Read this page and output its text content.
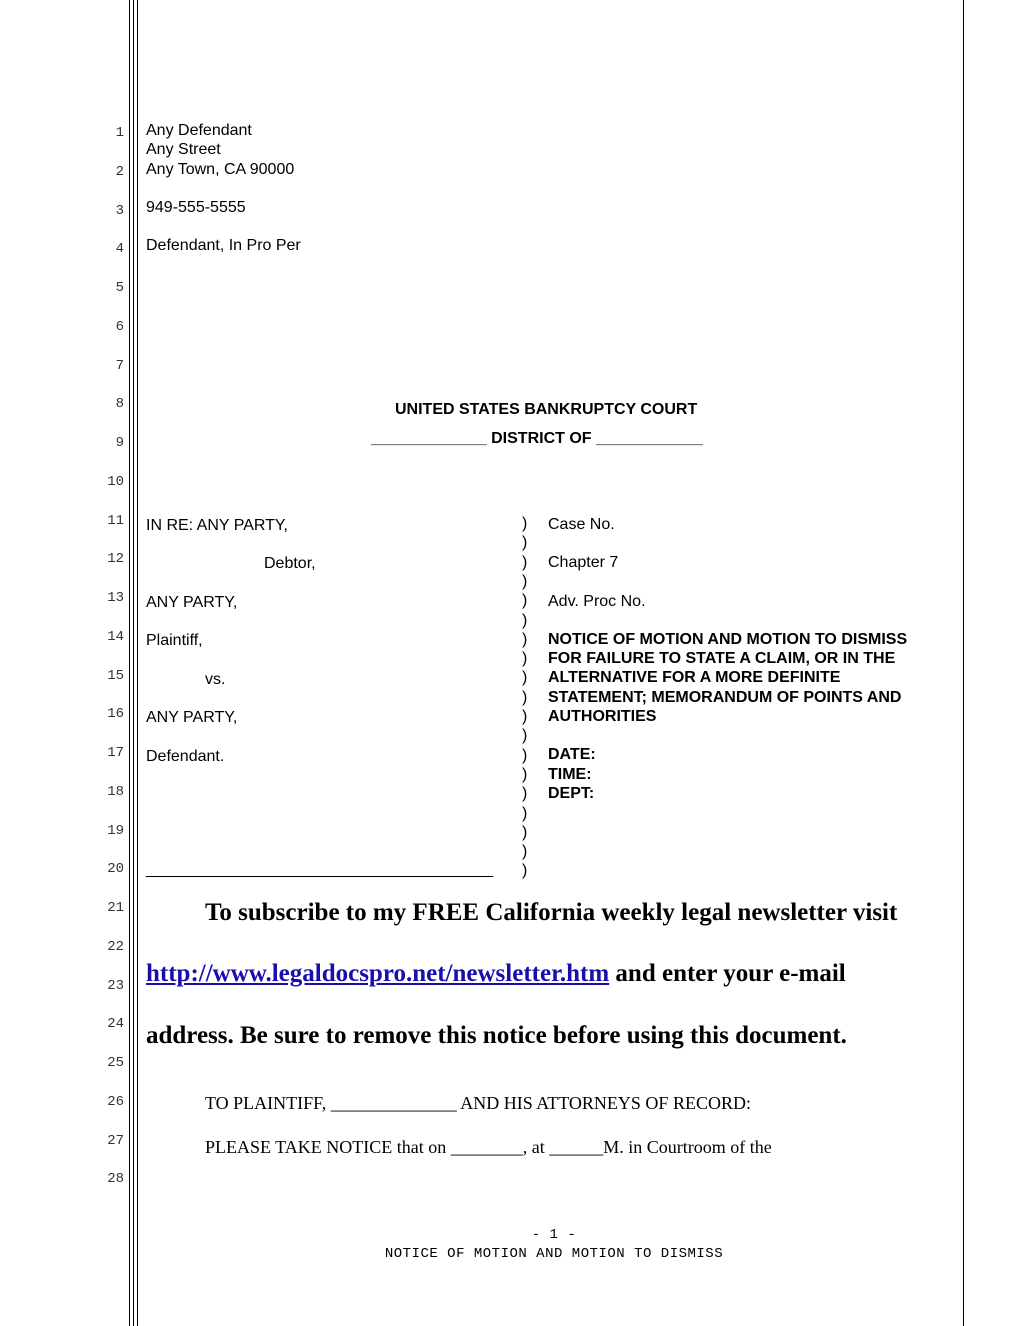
1
2
3
4
5
6
7
8
9
10
11
12
13
14
15
16
17
18
19
20
21
22
23
24
25
26
27
28
Any Defendant
Any Street
Any Town, CA 90000
949-555-5555
Defendant, In Pro Per
UNITED STATES BANKRUPTCY COURT
_____________ DISTRICT OF ____________
IN RE: ANY PARTY,
Debtor,
ANY PARTY,
Plaintiff,
vs.
ANY PARTY,
Defendant.
_______________________________________
)
)
)
)
)
)
)
)
)
)
)
)
)
)
)
)
)
)
)
Case No.
Chapter 7
Adv. Proc No.
NOTICE OF MOTION AND MOTION TO DISMISS
FOR FAILURE TO STATE A CLAIM, OR IN THE
ALTERNATIVE FOR A MORE DEFINITE
STATEMENT; MEMORANDUM OF POINTS AND
AUTHORITIES
DATE:
TIME:
DEPT:
To subscribe to my FREE California weekly legal newsletter visit
http://www.legaldocspro.net/newsletter.htm and enter your e-mail
address. Be sure to remove this notice before using this document.
TO PLAINTIFF, ______________ AND HIS ATTORNEYS OF RECORD:
PLEASE TAKE NOTICE that on ________, at ______M. in Courtroom of the
- 1 -
NOTICE OF MOTION AND MOTION TO DISMISS
